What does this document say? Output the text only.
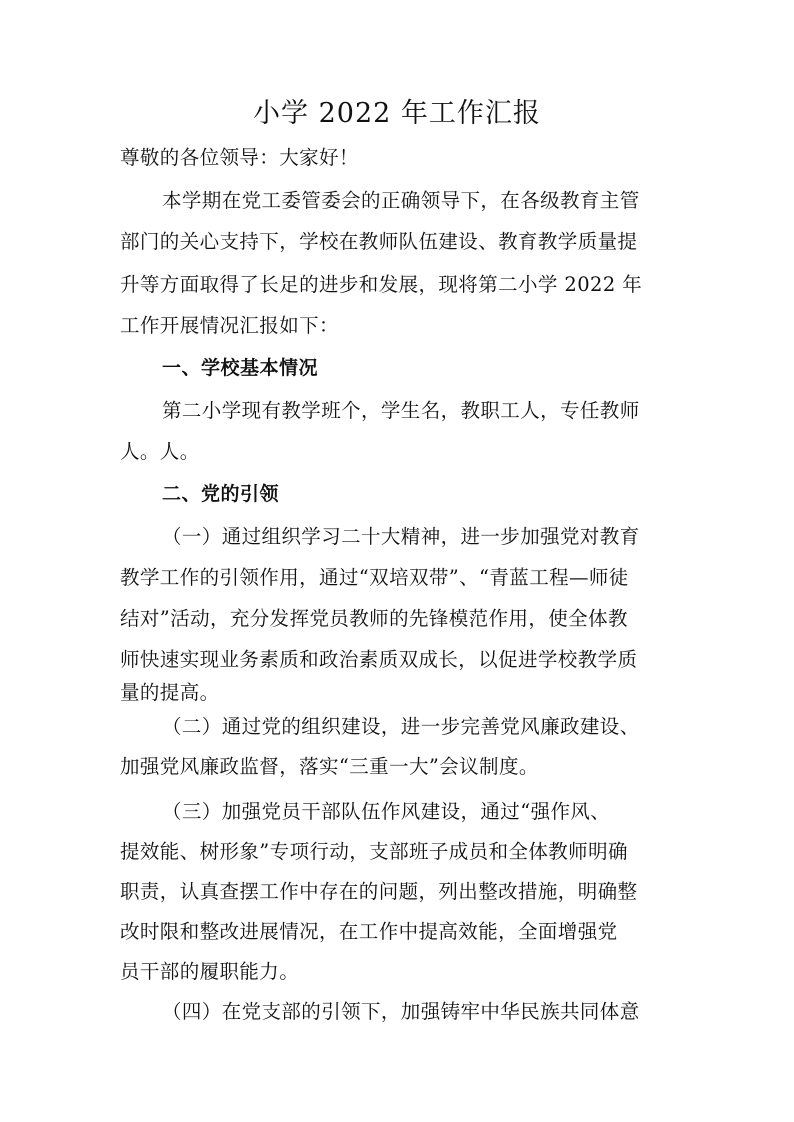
小学 2022 年工作汇报
尊敬的各位领导：大家好！
本学期在党工委管委会的正确领导下，在各级教育主管
部门的关心支持下，学校在教师队伍建设、教育教学质量提
升等方面取得了长足的进步和发展，现将第二小学 2022 年
工作开展情况汇报如下：
一、学校基本情况
第二小学现有教学班个，学生名，教职工人，专任教师
人。人。
二、党的引领
（一）通过组织学习二十大精神，进一步加强党对教育
教学工作的引领作用，通过“双培双带”、“青蓝工程—师徒
结对”活动，充分发挥党员教师的先锋模范作用，使全体教
师快速实现业务素质和政治素质双成长，以促进学校教学质
量的提高。
（二）通过党的组织建设，进一步完善党风廉政建设、
加强党风廉政监督，落实“三重一大”会议制度。
（三）加强党员干部队伍作风建设，通过“强作风、
提效能、树形象”专项行动，支部班子成员和全体教师明确
职责，认真查摆工作中存在的问题，列出整改措施，明确整
改时限和整改进展情况，在工作中提高效能，全面增强党
员干部的履职能力。
（四）在党支部的引领下，加强铸牢中华民族共同体意
